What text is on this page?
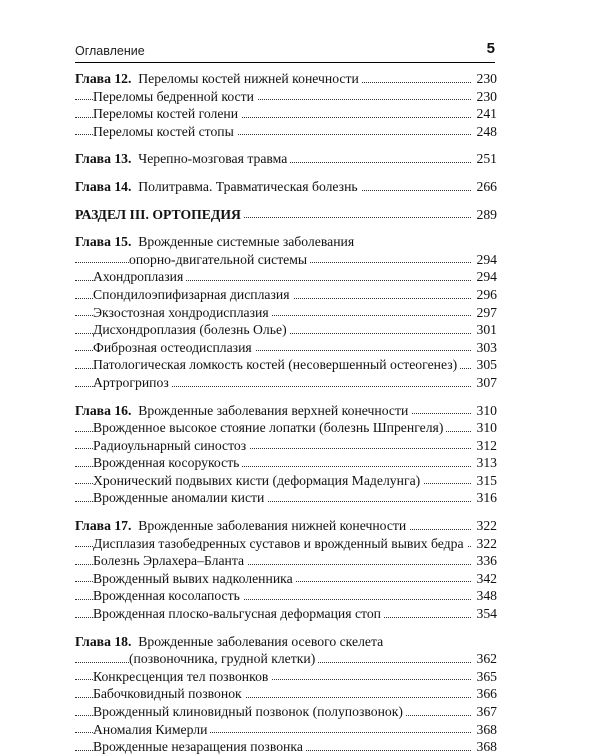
Оглавление	5
Глава 12. Переломы костей нижней конечности	230
Переломы бедренной кости	230
Переломы костей голени	241
Переломы костей стопы	248
Глава 13. Черепно-мозговая травма	251
Глава 14. Политравма. Травматическая болезнь	266
РАЗДЕЛ III. ОРТОПЕДИЯ	289
Глава 15. Врожденные системные заболевания
опорно-двигательной системы	294
Ахондроплазия	294
Спондилоэпифизарная дисплазия	296
Экзостозная хондродисплазия	297
Дисхондроплазия (болезнь Олье)	301
Фиброзная остеодисплазия	303
Патологическая ломкость костей (несовершенный остеогенез)	305
Артрогрипоз	307
Глава 16. Врожденные заболевания верхней конечности	310
Врожденное высокое стояние лопатки (болезнь Шпренгеля)	310
Радиоульнарный синостоз	312
Врожденная косорукость	313
Хронический подвывих кисти (деформация Маделунга)	315
Врожденные аномалии кисти	316
Глава 17. Врожденные заболевания нижней конечности	322
Дисплазия тазобедренных суставов и врожденный вывих бедра 322
Болезнь Эрлахера–Бланта	336
Врожденный вывих надколенника	342
Врожденная косолапость	348
Врожденная плоско-вальгусная деформация стоп	354
Глава 18. Врожденные заболевания осевого скелета
(позвоночника, грудной клетки)	362
Конкресценция тел позвонков	365
Бабочковидный позвонок	366
Врожденный клиновидный позвонок (полупозвонок)	367
Аномалия Кимерли	368
Врожденные незаращения позвонка	368
